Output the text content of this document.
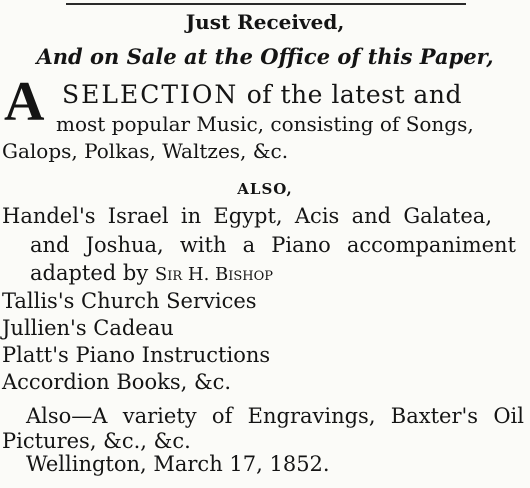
Just Received,
And on Sale at the Office of this Paper,
A SELECTION of the latest and
most popular Music, consisting of Songs,
Galops, Polkas, Waltzes, &c.
ALSO,
Handel's Israel in Egypt, Acis and Galatea,
and Joshua, with a Piano accompaniment
adapted by Sir H. Bishop
Tallis's Church Services
Jullien's Cadeau
Platt's Piano Instructions
Accordion Books, &c.
Also—A variety of Engravings, Baxter's Oil
Pictures, &c., &c.
Wellington, March 17, 1852.
